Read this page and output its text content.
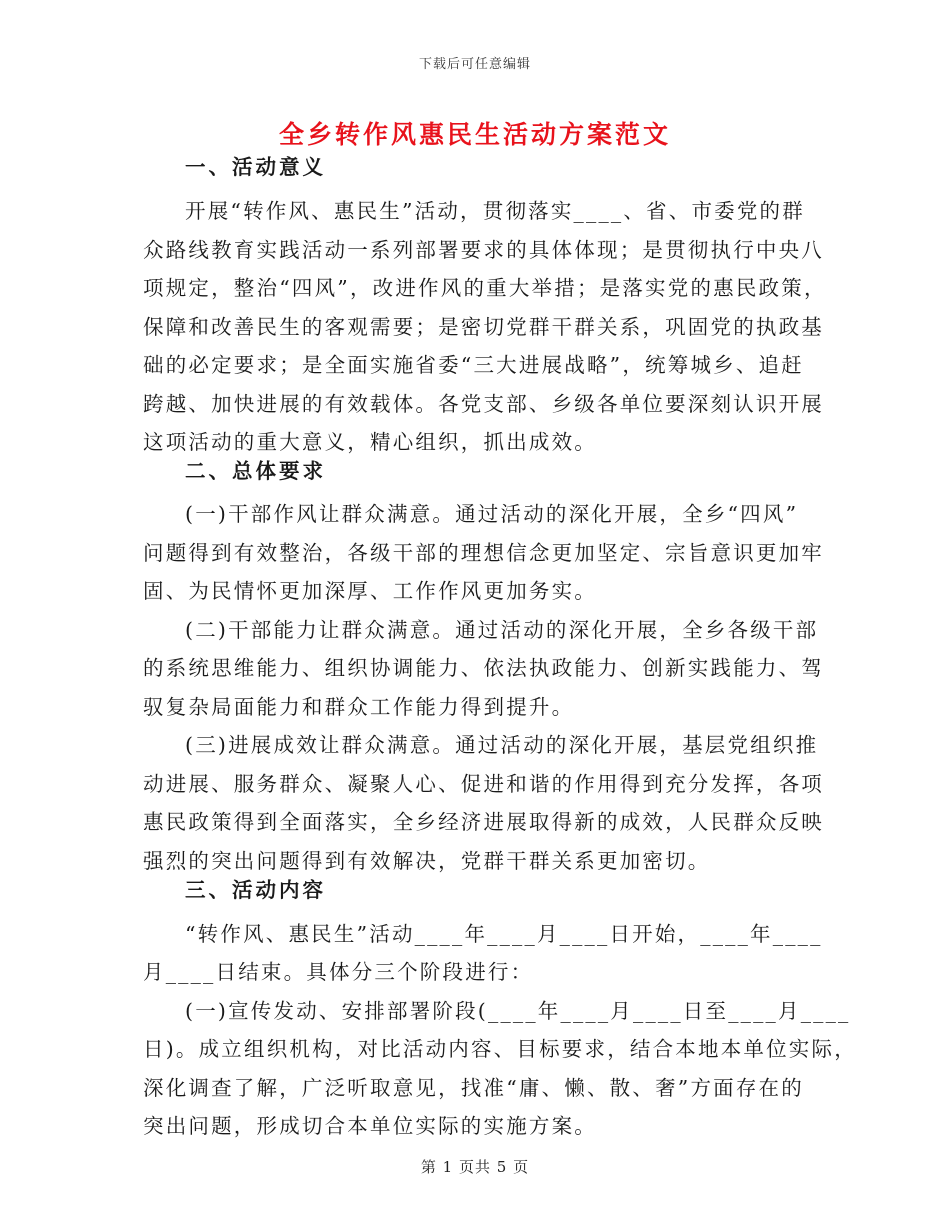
下载后可任意编辑
全乡转作风惠民生活动方案范文
一、活动意义
开展“转作风、惠民生”活动，贯彻落实____、省、市委党的群
众路线教育实践活动一系列部署要求的具体体现；是贯彻执行中央八
项规定，整治“四风”，改进作风的重大举措；是落实党的惠民政策，
保障和改善民生的客观需要；是密切党群干群关系，巩固党的执政基
础的必定要求；是全面实施省委“三大进展战略”，统筹城乡、追赶
跨越、加快进展的有效载体。各党支部、乡级各单位要深刻认识开展
这项活动的重大意义，精心组织，抓出成效。
二、总体要求
(一)干部作风让群众满意。通过活动的深化开展，全乡“四风”
问题得到有效整治，各级干部的理想信念更加坚定、宗旨意识更加牢
固、为民情怀更加深厚、工作作风更加务实。
(二)干部能力让群众满意。通过活动的深化开展，全乡各级干部
的系统思维能力、组织协调能力、依法执政能力、创新实践能力、驾
驭复杂局面能力和群众工作能力得到提升。
(三)进展成效让群众满意。通过活动的深化开展，基层党组织推
动进展、服务群众、凝聚人心、促进和谐的作用得到充分发挥，各项
惠民政策得到全面落实，全乡经济进展取得新的成效，人民群众反映
强烈的突出问题得到有效解决，党群干群关系更加密切。
三、活动内容
“转作风、惠民生”活动____年____月____日开始，____年____
月____日结束。具体分三个阶段进行：
(一)宣传发动、安排部署阶段(____年____月____日至____月____
日)。成立组织机构，对比活动内容、目标要求，结合本地本单位实际，
深化调查了解，广泛听取意见，找准“庸、懒、散、奢”方面存在的
突出问题，形成切合本单位实际的实施方案。
第 1 页共 5 页
